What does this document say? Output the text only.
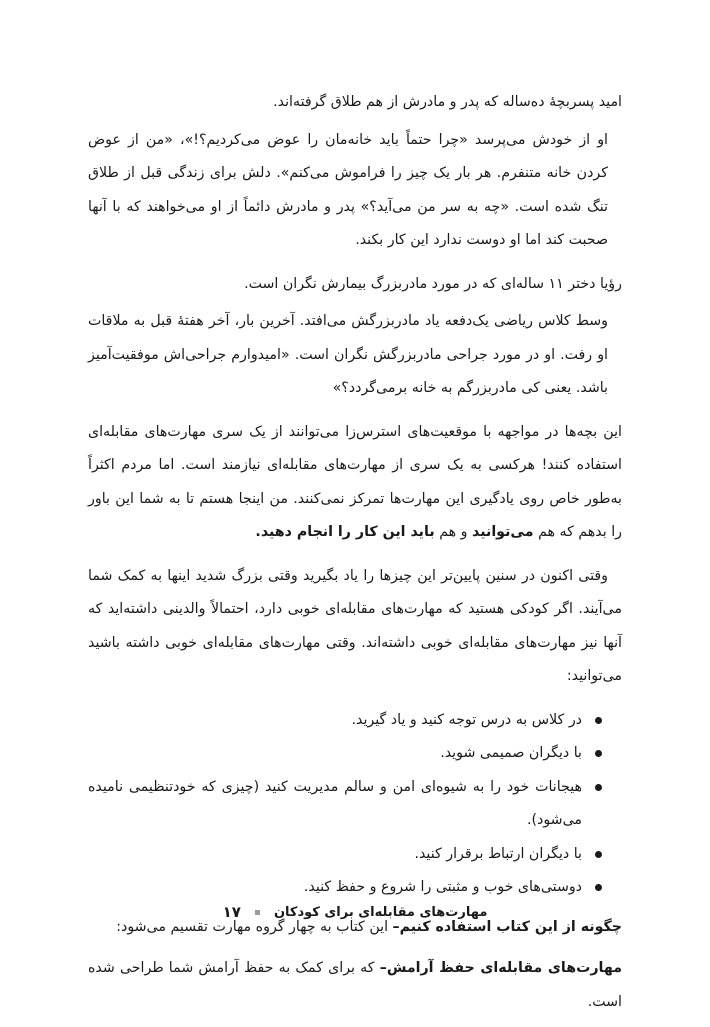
امید پسربچهٔ ده‌ساله که پدر و مادرش از هم طلاق گرفته‌اند.

او از خودش می‌پرسد «چرا حتماً باید خانه‌مان را عوض می‌کردیم؟!»، «من از عوض کردن خانه متنفرم. هر بار یک چیز را فراموش می‌کنم». دلش برای زندگی قبل از طلاق تنگ شده است. «چه به سر من می‌آید؟» پدر و مادرش دائماً از او می‌خواهند که با آنها صحبت کند اما او دوست ندارد این کار بکند.

رؤیا دختر ۱۱ ساله‌ای که در مورد مادربزرگ بیمارش نگران است.

وسط کلاس ریاضی یک‌دفعه یاد مادربزرگش می‌افتد. آخرین بار، آخر هفتهٔ قبل به ملاقات او رفت. او در مورد جراحی مادربزرگش نگران است. «امیدوارم جراحی‌اش موفقیت‌آمیز باشد. یعنی کی مادربزرگم به خانه برمی‌گردد؟»

این بچه‌ها در مواجهه با موقعیت‌های استرس‌زا می‌توانند از یک سری مهارت‌های مقابله‌ای استفاده کنند! هرکسی به یک سری از مهارت‌های مقابله‌ای نیازمند است. اما مردم اکثراً به‌طور خاص روی یادگیری این مهارت‌ها تمرکز نمی‌کنند. من اینجا هستم تا به شما این باور را بدهم که هم می‌توانید و هم باید این کار را انجام دهید.

وقتی اکنون در سنین پایین‌تر این چیزها را یاد بگیرید وقتی بزرگ شدید اینها به کمک شما می‌آیند. اگر کودکی هستید که مهارت‌های مقابله‌ای خوبی دارد، احتمالاً والدینی داشته‌اید که آنها نیز مهارت‌های مقابله‌ای خوبی داشته‌اند. وقتی مهارت‌های مقابله‌ای خوبی داشته باشید می‌توانید:

در کلاس به درس توجه کنید و یاد گیرید.
با دیگران صمیمی شوید.
هیجانات خود را به شیوه‌ای امن و سالم مدیریت کنید (چیزی که خودتنظیمی نامیده می‌شود).
با دیگران ارتباط برقرار کنید.
دوستی‌های خوب و مثبتی را شروع و حفظ کنید.

چگونه از این کتاب استفاده کنیم– این کتاب به چهار گروه مهارت تقسیم می‌شود:

مهارت‌های مقابله‌ای حفظ آرامش– که برای کمک به حفظ آرامش شما طراحی شده است.

مهارت‌های مقابله‌ای برای کودکان
۱۷
